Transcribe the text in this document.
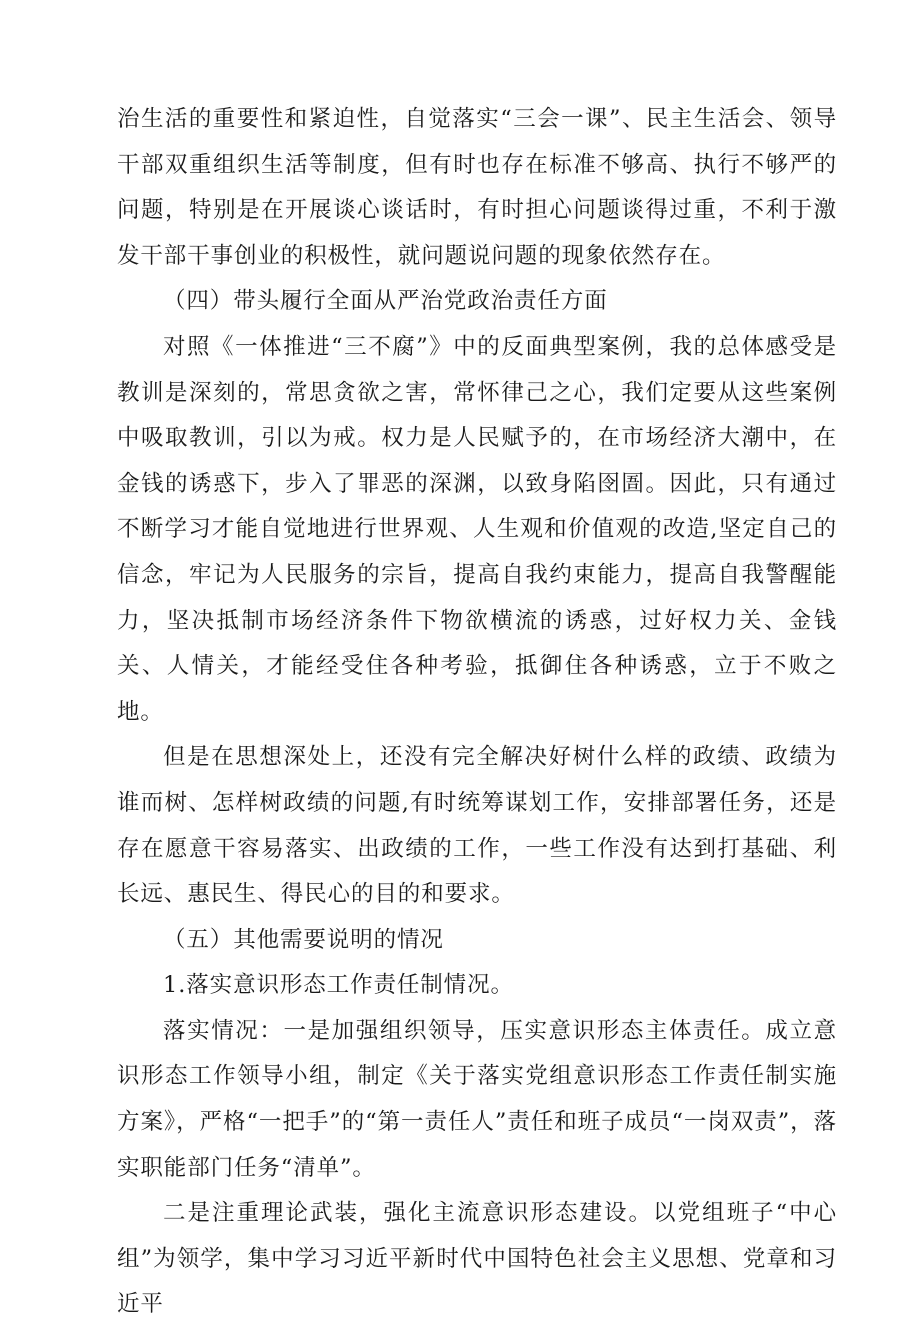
治生活的重要性和紧迫性，自觉落实“三会一课”、民主生活会、领导干部双重组织生活等制度，但有时也存在标准不够高、执行不够严的问题，特别是在开展谈心谈话时，有时担心问题谈得过重，不利于激发干部干事创业的积极性，就问题说问题的现象依然存在。

（四）带头履行全面从严治党政治责任方面

对照《一体推进“三不腐”》中的反面典型案例，我的总体感受是教训是深刻的，常思贪欲之害，常怀律己之心，我们定要从这些案例中吸取教训，引以为戒。权力是人民赋予的，在市场经济大潮中，在金钱的诱惑下，步入了罪恶的深渊，以致身陷囹圄。因此，只有通过不断学习才能自觉地进行世界观、人生观和价值观的改造,坚定自己的信念，牢记为人民服务的宗旨，提高自我约束能力，提高自我警醒能力，坚决抵制市场经济条件下物欲横流的诱惑，过好权力关、金钱关、人情关，才能经受住各种考验，抵御住各种诱惑，立于不败之地。

但是在思想深处上，还没有完全解决好树什么样的政绩、政绩为谁而树、怎样树政绩的问题,有时统筹谋划工作，安排部署任务，还是存在愿意干容易落实、出政绩的工作，一些工作没有达到打基础、利长远、惠民生、得民心的目的和要求。

（五）其他需要说明的情况

1.落实意识形态工作责任制情况。

落实情况：一是加强组织领导，压实意识形态主体责任。成立意识形态工作领导小组，制定《关于落实党组意识形态工作责任制实施方案》，严格“一把手”的“第一责任人”责任和班子成员“一岗双责”，落实职能部门任务“清单”。

二是注重理论武装，强化主流意识形态建设。以党组班子“中心组”为领学，集中学习习近平新时代中国特色社会主义思想、党章和习近平
